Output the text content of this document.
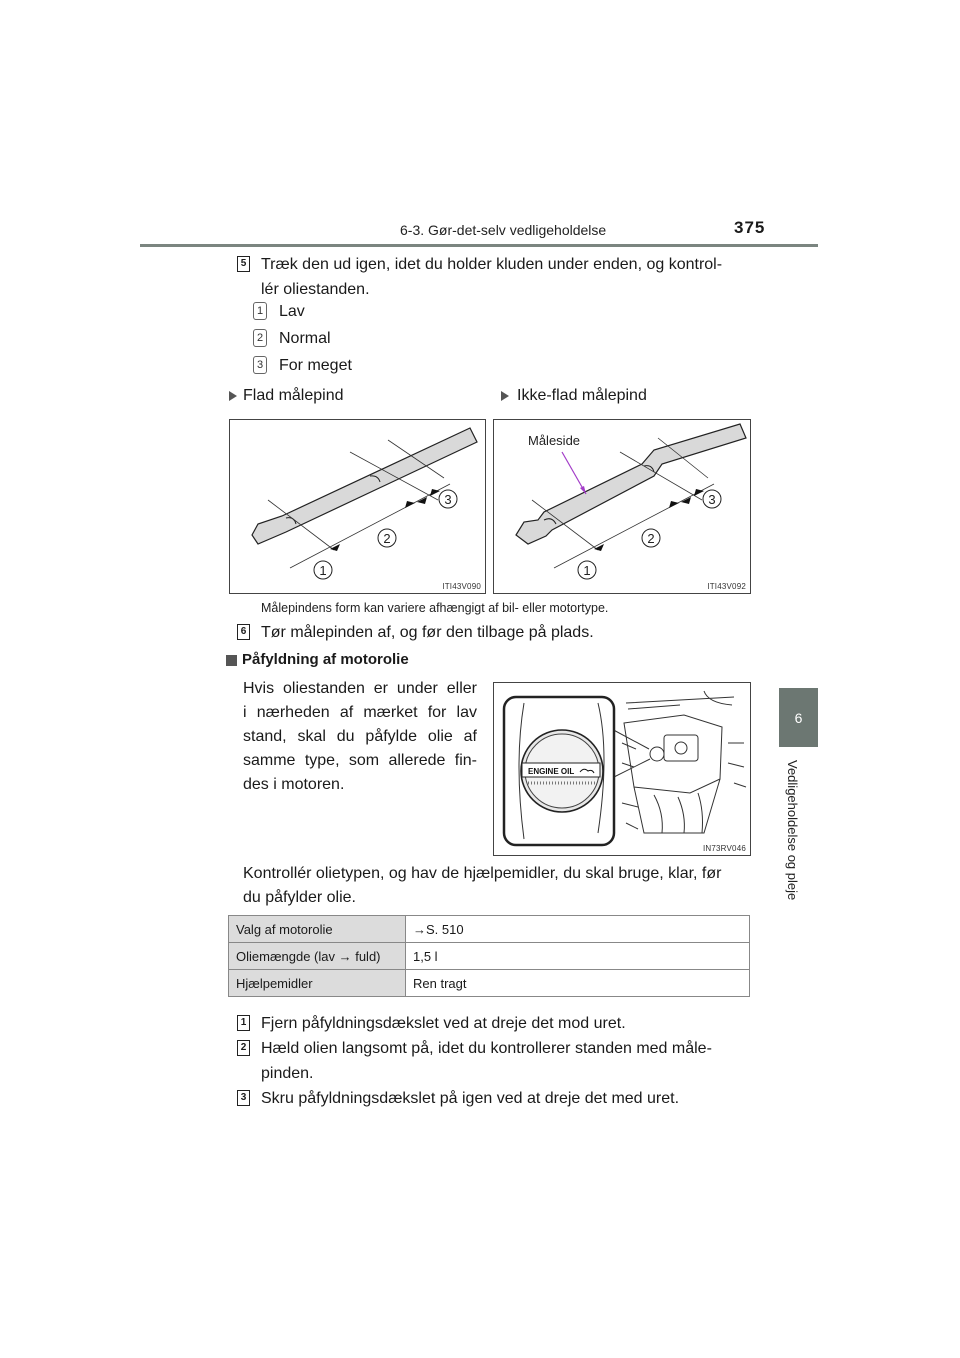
6-3. Gør-det-selv vedligeholdelse	375
6
Vedligeholdelse og pleje
5 Træk den ud igen, idet du holder kluden under enden, og kontrol-
lér oliestanden.
1 Lav
2 Normal
3 For meget
Flad målepind	Ikke-flad målepind
1
2
3
ITI43V090
1
2
3
Måleside
ITI43V092
Målepindens form kan variere afhængigt af bil- eller motortype.
6 Tør målepinden af, og før den tilbage på plads.
Påfyldning af motorolie
Hvis oliestanden er under eller
i nærheden af mærket for lav
stand, skal du påfylde olie af
samme type, som allerede fin-
des i motoren.
ENGINE OIL
IN73RV046
Kontrollér olietypen, og hav de hjælpemidler, du skal bruge, klar, før
du påfylder olie.
Valg af motorolie	→S. 510
Oliemængde (lav → fuld)	1,5 l
Hjælpemidler	Ren tragt
1 Fjern påfyldningsdækslet ved at dreje det mod uret.
2 Hæld olien langsomt på, idet du kontrollerer standen med måle-
pinden.
3 Skru påfyldningsdækslet på igen ved at dreje det med uret.
